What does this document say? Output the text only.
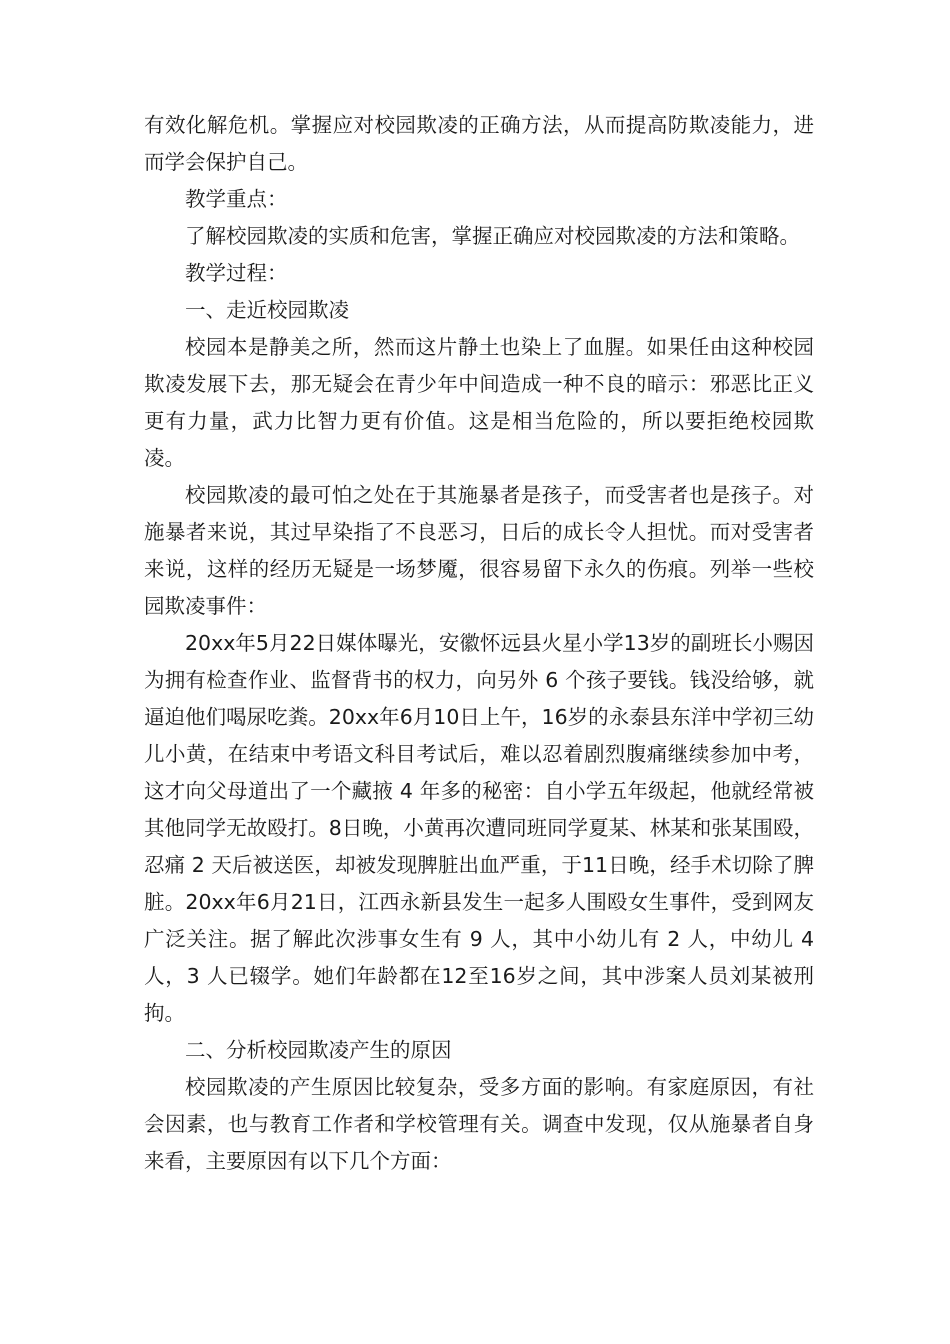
有效化解危机。掌握应对校园欺凌的正确方法，从而提高防欺凌能力，进而学会保护自己。

教学重点：

了解校园欺凌的实质和危害，掌握正确应对校园欺凌的方法和策略。

教学过程：

一、走近校园欺凌

校园本是静美之所，然而这片静土也染上了血腥。如果任由这种校园欺凌发展下去，那无疑会在青少年中间造成一种不良的暗示：邪恶比正义更有力量，武力比智力更有价值。这是相当危险的，所以要拒绝校园欺凌。

校园欺凌的最可怕之处在于其施暴者是孩子，而受害者也是孩子。对施暴者来说，其过早染指了不良恶习，日后的成长令人担忧。而对受害者来说，这样的经历无疑是一场梦魇，很容易留下永久的伤痕。列举一些校园欺凌事件：

20xx年5月22日媒体曝光，安徽怀远县火星小学13岁的副班长小赐因为拥有检查作业、监督背书的权力，向另外 6 个孩子要钱。钱没给够，就逼迫他们喝尿吃粪。20xx年6月10日上午，16岁的永泰县东洋中学初三幼儿小黄，在结束中考语文科目考试后，难以忍着剧烈腹痛继续参加中考，这才向父母道出了一个藏掖 4 年多的秘密：自小学五年级起，他就经常被其他同学无故殴打。8日晚，小黄再次遭同班同学夏某、林某和张某围殴，忍痛 2 天后被送医，却被发现脾脏出血严重，于11日晚，经手术切除了脾脏。20xx年6月21日，江西永新县发生一起多人围殴女生事件，受到网友广泛关注。据了解此次涉事女生有 9 人，其中小幼儿有 2 人，中幼儿 4 人，3 人已辍学。她们年龄都在12至16岁之间，其中涉案人员刘某被刑拘。

二、分析校园欺凌产生的原因

校园欺凌的产生原因比较复杂，受多方面的影响。有家庭原因，有社会因素，也与教育工作者和学校管理有关。调查中发现，仅从施暴者自身来看，主要原因有以下几个方面：
